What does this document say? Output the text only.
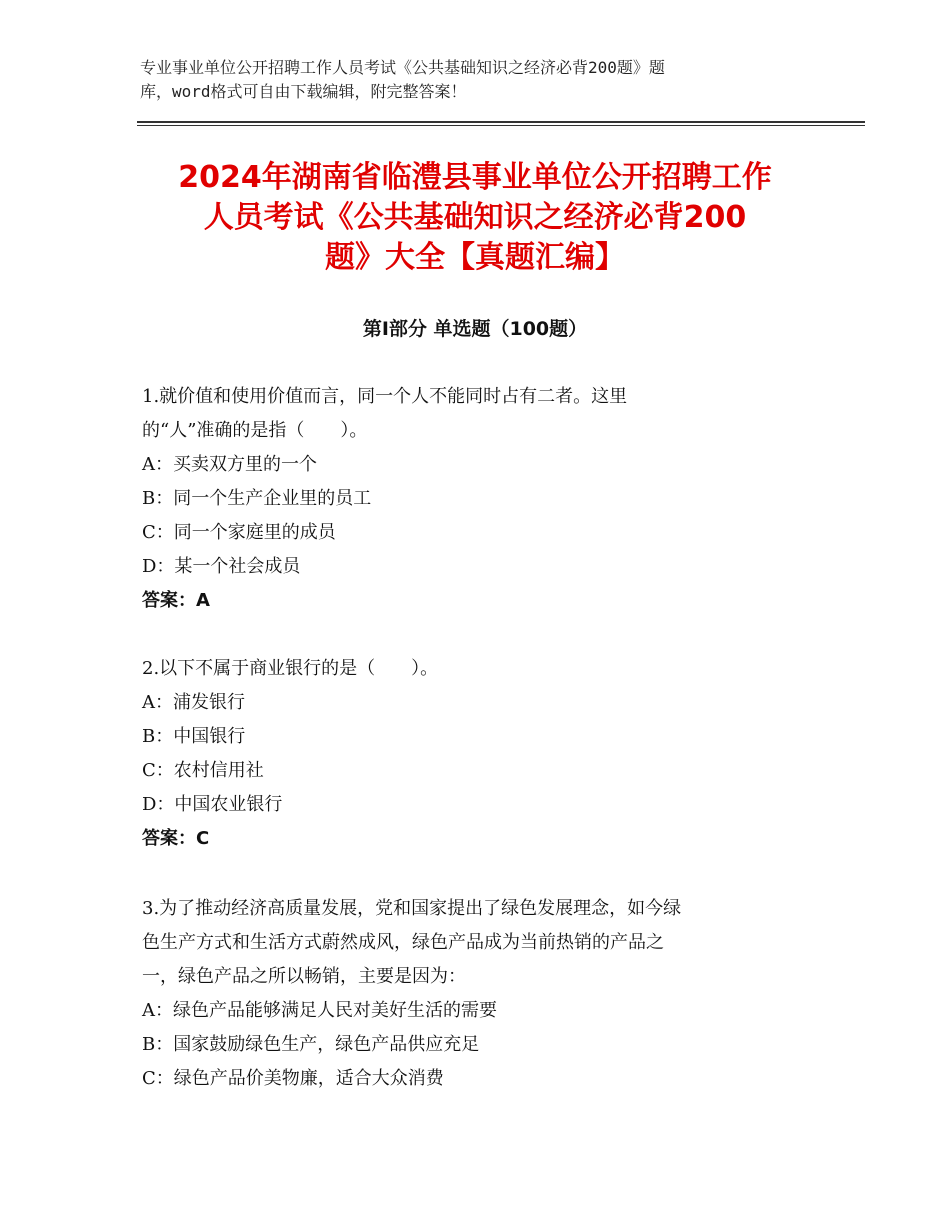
专业事业单位公开招聘工作人员考试《公共基础知识之经济必背200题》题
库，word格式可自由下载编辑，附完整答案！
2024年湖南省临澧县事业单位公开招聘工作
人员考试《公共基础知识之经济必背200
题》大全【真题汇编】
第Ⅰ部分 单选题（100题）
1.就价值和使用价值而言，同一个人不能同时占有二者。这里
的“人”准确的是指（　　）。
A：买卖双方里的一个
B：同一个生产企业里的员工
C：同一个家庭里的成员
D：某一个社会成员
答案：A
2.以下不属于商业银行的是（　　）。
A：浦发银行
B：中国银行
C：农村信用社
D：中国农业银行
答案：C
3.为了推动经济高质量发展，党和国家提出了绿色发展理念，如今绿
色生产方式和生活方式蔚然成风，绿色产品成为当前热销的产品之
一，绿色产品之所以畅销，主要是因为：
A：绿色产品能够满足人民对美好生活的需要
B：国家鼓励绿色生产，绿色产品供应充足
C：绿色产品价美物廉，适合大众消费
